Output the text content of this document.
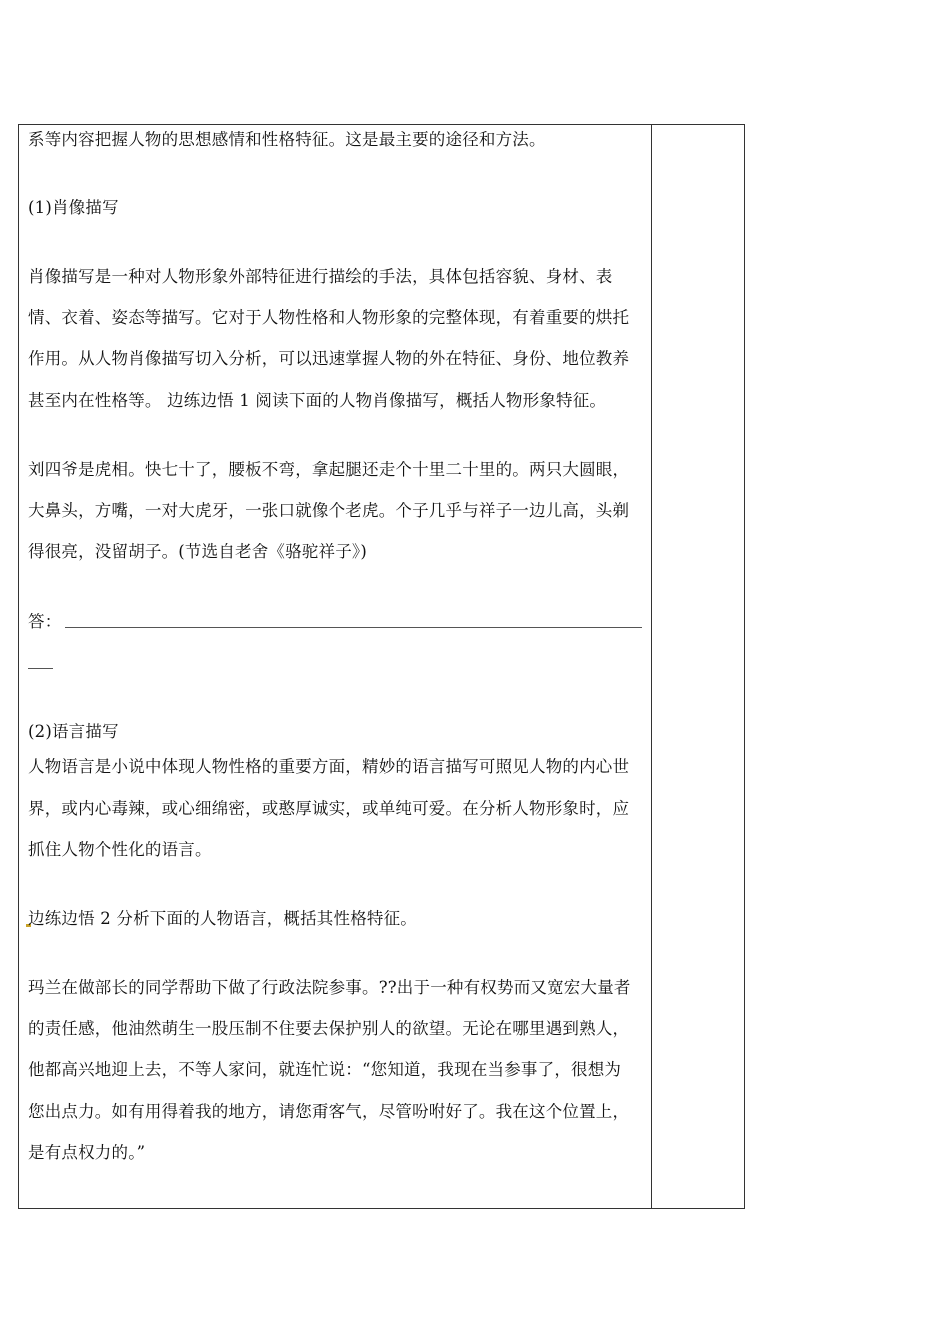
系等内容把握人物的思想感情和性格特征。这是最主要的途径和方法。
(1)肖像描写
肖像描写是一种对人物形象外部特征进行描绘的手法，具体包括容貌、身材、表
情、衣着、姿态等描写。它对于人物性格和人物形象的完整体现，有着重要的烘托
作用。从人物肖像描写切入分析，可以迅速掌握人物的外在特征、身份、地位教养
甚至内在性格等。 边练边悟 1 阅读下面的人物肖像描写，概括人物形象特征。
刘四爷是虎相。快七十了，腰板不弯，拿起腿还走个十里二十里的。两只大圆眼，
大鼻头，方嘴，一对大虎牙，一张口就像个老虎。个子几乎与祥子一边儿高，头剃
得很亮，没留胡子。(节选自老舍《骆驼祥子》)
答：
(2)语言描写
人物语言是小说中体现人物性格的重要方面，精妙的语言描写可照见人物的内心世
界，或内心毒辣，或心细绵密，或憨厚诚实，或单纯可爱。在分析人物形象时，应
抓住人物个性化的语言。
边练边悟 2 分析下面的人物语言，概括其性格特征。
玛兰在做部长的同学帮助下做了行政法院参事。??出于一种有权势而又宽宏大量者
的责任感，他油然萌生一股压制不住要去保护别人的欲望。无论在哪里遇到熟人，
他都高兴地迎上去，不等人家问，就连忙说：“您知道，我现在当参事了，很想为
您出点力。如有用得着我的地方，请您甭客气，尽管吩咐好了。我在这个位置上，
是有点权力的。”
